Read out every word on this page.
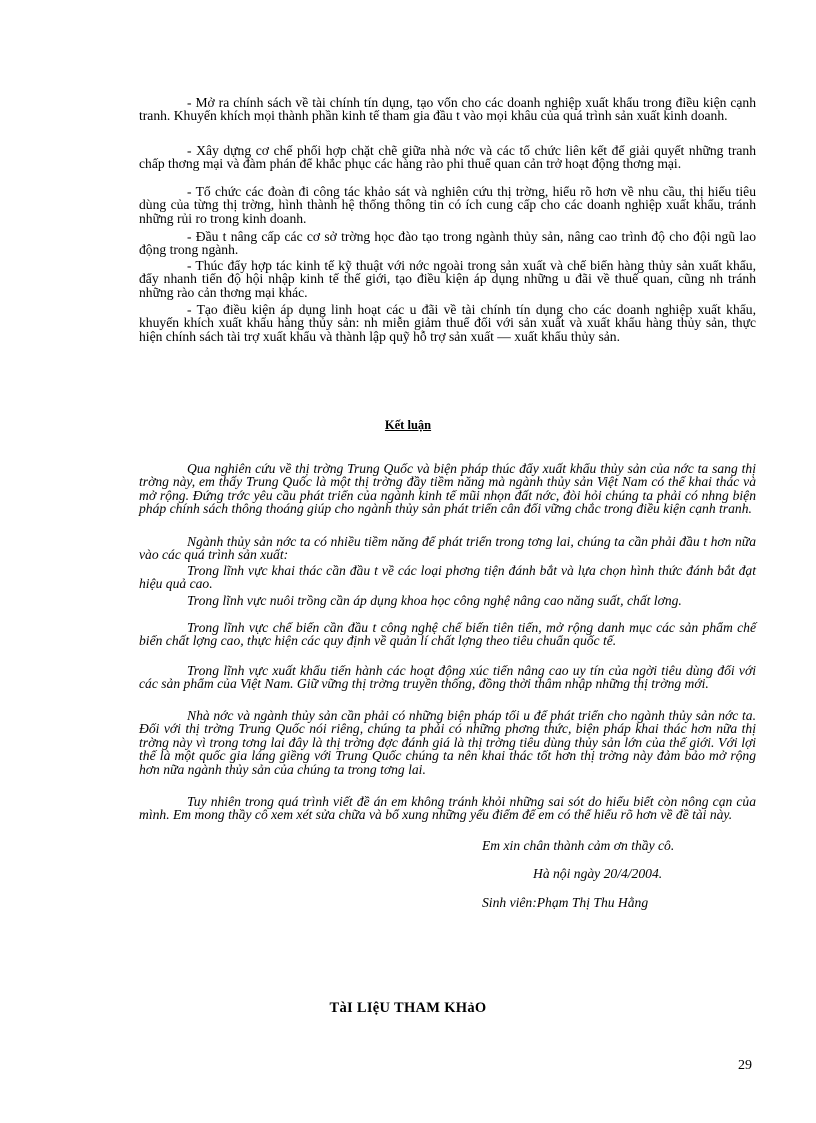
- Mở ra chính sách về tài chính tín dụng, tạo vốn cho các doanh nghiệp xuất khẩu trong điều kiện cạnh tranh. Khuyến khích mọi thành phần kinh tế tham gia đầu t vào mọi khâu của quá trình sản xuất kinh doanh.

- Xây dựng cơ chế phối hợp chặt chẽ giữa nhà nớc và các tổ chức liên kết để giải quyết những tranh chấp thơng mại và đàm phán để khắc phục các hàng rào phi thuế quan cản trở hoạt động thơng mại.

- Tổ chức các đoàn đi công tác khảo sát và nghiên cứu thị trờng, hiểu rõ hơn về nhu cầu, thị hiếu tiêu dùng của từng thị trờng, hình thành hệ thống thông tin có ích cung cấp cho các doanh nghiệp xuất khẩu, tránh những rủi ro trong kinh doanh.

- Đầu t nâng cấp các cơ sở trờng học đào tạo trong ngành thủy sản, nâng cao trình độ cho đội ngũ lao động trong ngành.

- Thúc đẩy hợp tác kinh tế kỹ thuật với nớc ngoài trong sản xuất và chế biến hàng thủy sản xuất khẩu, đẩy nhanh tiến độ hội nhập kinh tế thế giới, tạo điều kiện áp dụng những u đãi về thuế quan, cũng nh tránh những rào cản thơng mại khác.

- Tạo điều kiện áp dụng linh hoạt các u đãi về tài chính tín dụng cho các doanh nghiệp xuất khẩu, khuyến khích xuất khẩu hàng thủy sản: nh miễn giảm thuế đối với sản xuất và xuất khẩu hàng thủy sản, thực hiện chính sách tài trợ xuất khẩu và thành lập quỹ hỗ trợ sản xuất — xuất khẩu thủy sản.

Kết luận

Qua nghiên cứu về thị trờng Trung Quốc và biện pháp thúc đẩy xuất khẩu thủy sản của nớc ta sang thị trờng này, em thấy Trung Quốc là một thị trờng đầy tiềm năng mà ngành thủy sản Việt Nam có thể khai thác và mở rộng. Đứng trớc yêu cầu phát triển của ngành kinh tế mũi nhọn đất nớc, đòi hỏi chúng ta phải có nhng biện pháp chính sách thông thoáng giúp cho ngành thủy sản phát triển cân đối vững chắc trong điều kiện cạnh tranh.

Ngành thủy sản nớc ta có nhiều tiềm năng để phát triển trong tơng lai, chúng ta cần phải đầu t hơn nữa vào các quá trình sản xuất:

Trong lĩnh vực khai thác cần đầu t về các loại phơng tiện đánh bắt và lựa chọn hình thức đánh bắt đạt hiệu quả cao.

Trong lĩnh vực nuôi trồng cần áp dụng khoa học công nghệ nâng cao năng suất, chất lơng.

Trong lĩnh vực chế biến cần đầu t công nghệ chế biến tiên tiến, mở rộng danh mục các sản phẩm chế biến chất lợng cao, thực hiện các quy định về quản lí chất lợng theo tiêu chuẩn quốc tế.

Trong lĩnh vực xuất khẩu tiến hành các hoạt động xúc tiến nâng cao uy tín của ngời tiêu dùng đối với các sản phẩm của Việt Nam. Giữ vững thị trờng truyền thống, đồng thời thâm nhập những thị trờng mới.

Nhà nớc và ngành thủy sản cần phải có những biện pháp tối u để phát triển cho ngành thủy sản nớc ta. Đối với thị trờng Trung Quốc nói riêng, chúng ta phải có những phơng thức, biện pháp khai thác hơn nữa thị trờng này vì trong tơng lai đây là thị trờng đợc đánh giá là thị trờng tiêu dùng thủy sản lớn của thế giới. Với lợi thế là một quốc gia láng giềng với Trung Quốc chúng ta nên khai thác tốt hơn thị trờng này đảm bảo mở rộng hơn nữa ngành thủy sản của chúng ta trong tơng lai.

Tuy nhiên trong quá trình viết đề án em không tránh khỏi những sai sót do hiểu biết còn nông cạn của mình. Em mong thầy cô xem xét sửa chữa và bổ xung những yếu điểm để em có thể hiểu rõ hơn về đề tài này.

Em xin chân thành cảm ơn thầy cô.

Hà nội ngày 20/4/2004.

Sinh viên:Phạm Thị Thu Hằng

TàI LIệU THAM KHảO

29
